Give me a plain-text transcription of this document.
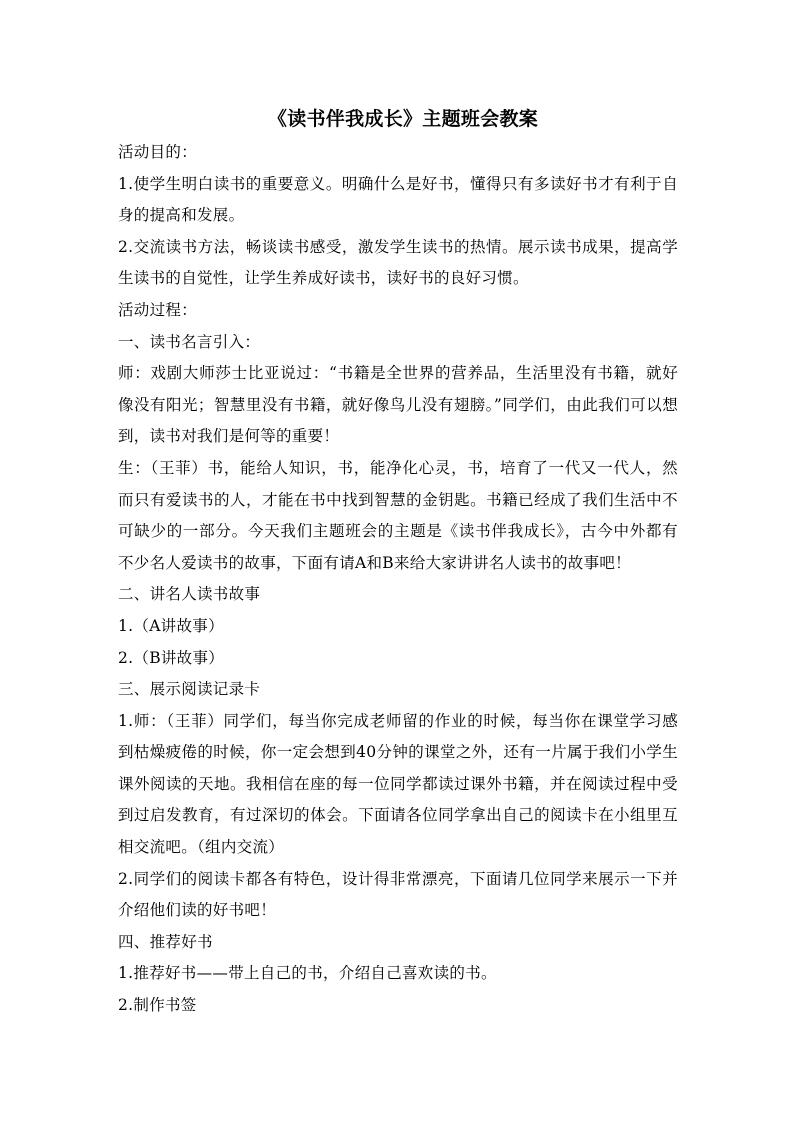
《读书伴我成长》主题班会教案

活动目的：

1.使学生明白读书的重要意义。明确什么是好书，懂得只有多读好书才有利于自身的提高和发展。

2.交流读书方法，畅谈读书感受，激发学生读书的热情。展示读书成果，提高学生读书的自觉性，让学生养成好读书，读好书的良好习惯。

活动过程：

一、读书名言引入：

师：戏剧大师莎士比亚说过：“书籍是全世界的营养品，生活里没有书籍，就好像没有阳光；智慧里没有书籍，就好像鸟儿没有翅膀。”同学们，由此我们可以想到，读书对我们是何等的重要！

生：（王菲）书，能给人知识，书，能净化心灵，书，培育了一代又一代人，然而只有爱读书的人，才能在书中找到智慧的金钥匙。书籍已经成了我们生活中不可缺少的一部分。今天我们主题班会的主题是《读书伴我成长》，古今中外都有不少名人爱读书的故事，下面有请A和B来给大家讲讲名人读书的故事吧！

二、讲名人读书故事

1.（A讲故事）

2.（B讲故事）

三、展示阅读记录卡

1.师：（王菲）同学们，每当你完成老师留的作业的时候，每当你在课堂学习感到枯燥疲倦的时候，你一定会想到40分钟的课堂之外，还有一片属于我们小学生课外阅读的天地。我相信在座的每一位同学都读过课外书籍，并在阅读过程中受到过启发教育，有过深切的体会。下面请各位同学拿出自己的阅读卡在小组里互相交流吧。（组内交流）

2.同学们的阅读卡都各有特色，设计得非常漂亮，下面请几位同学来展示一下并介绍他们读的好书吧！

四、推荐好书

1.推荐好书——带上自己的书，介绍自己喜欢读的书。

2.制作书签
